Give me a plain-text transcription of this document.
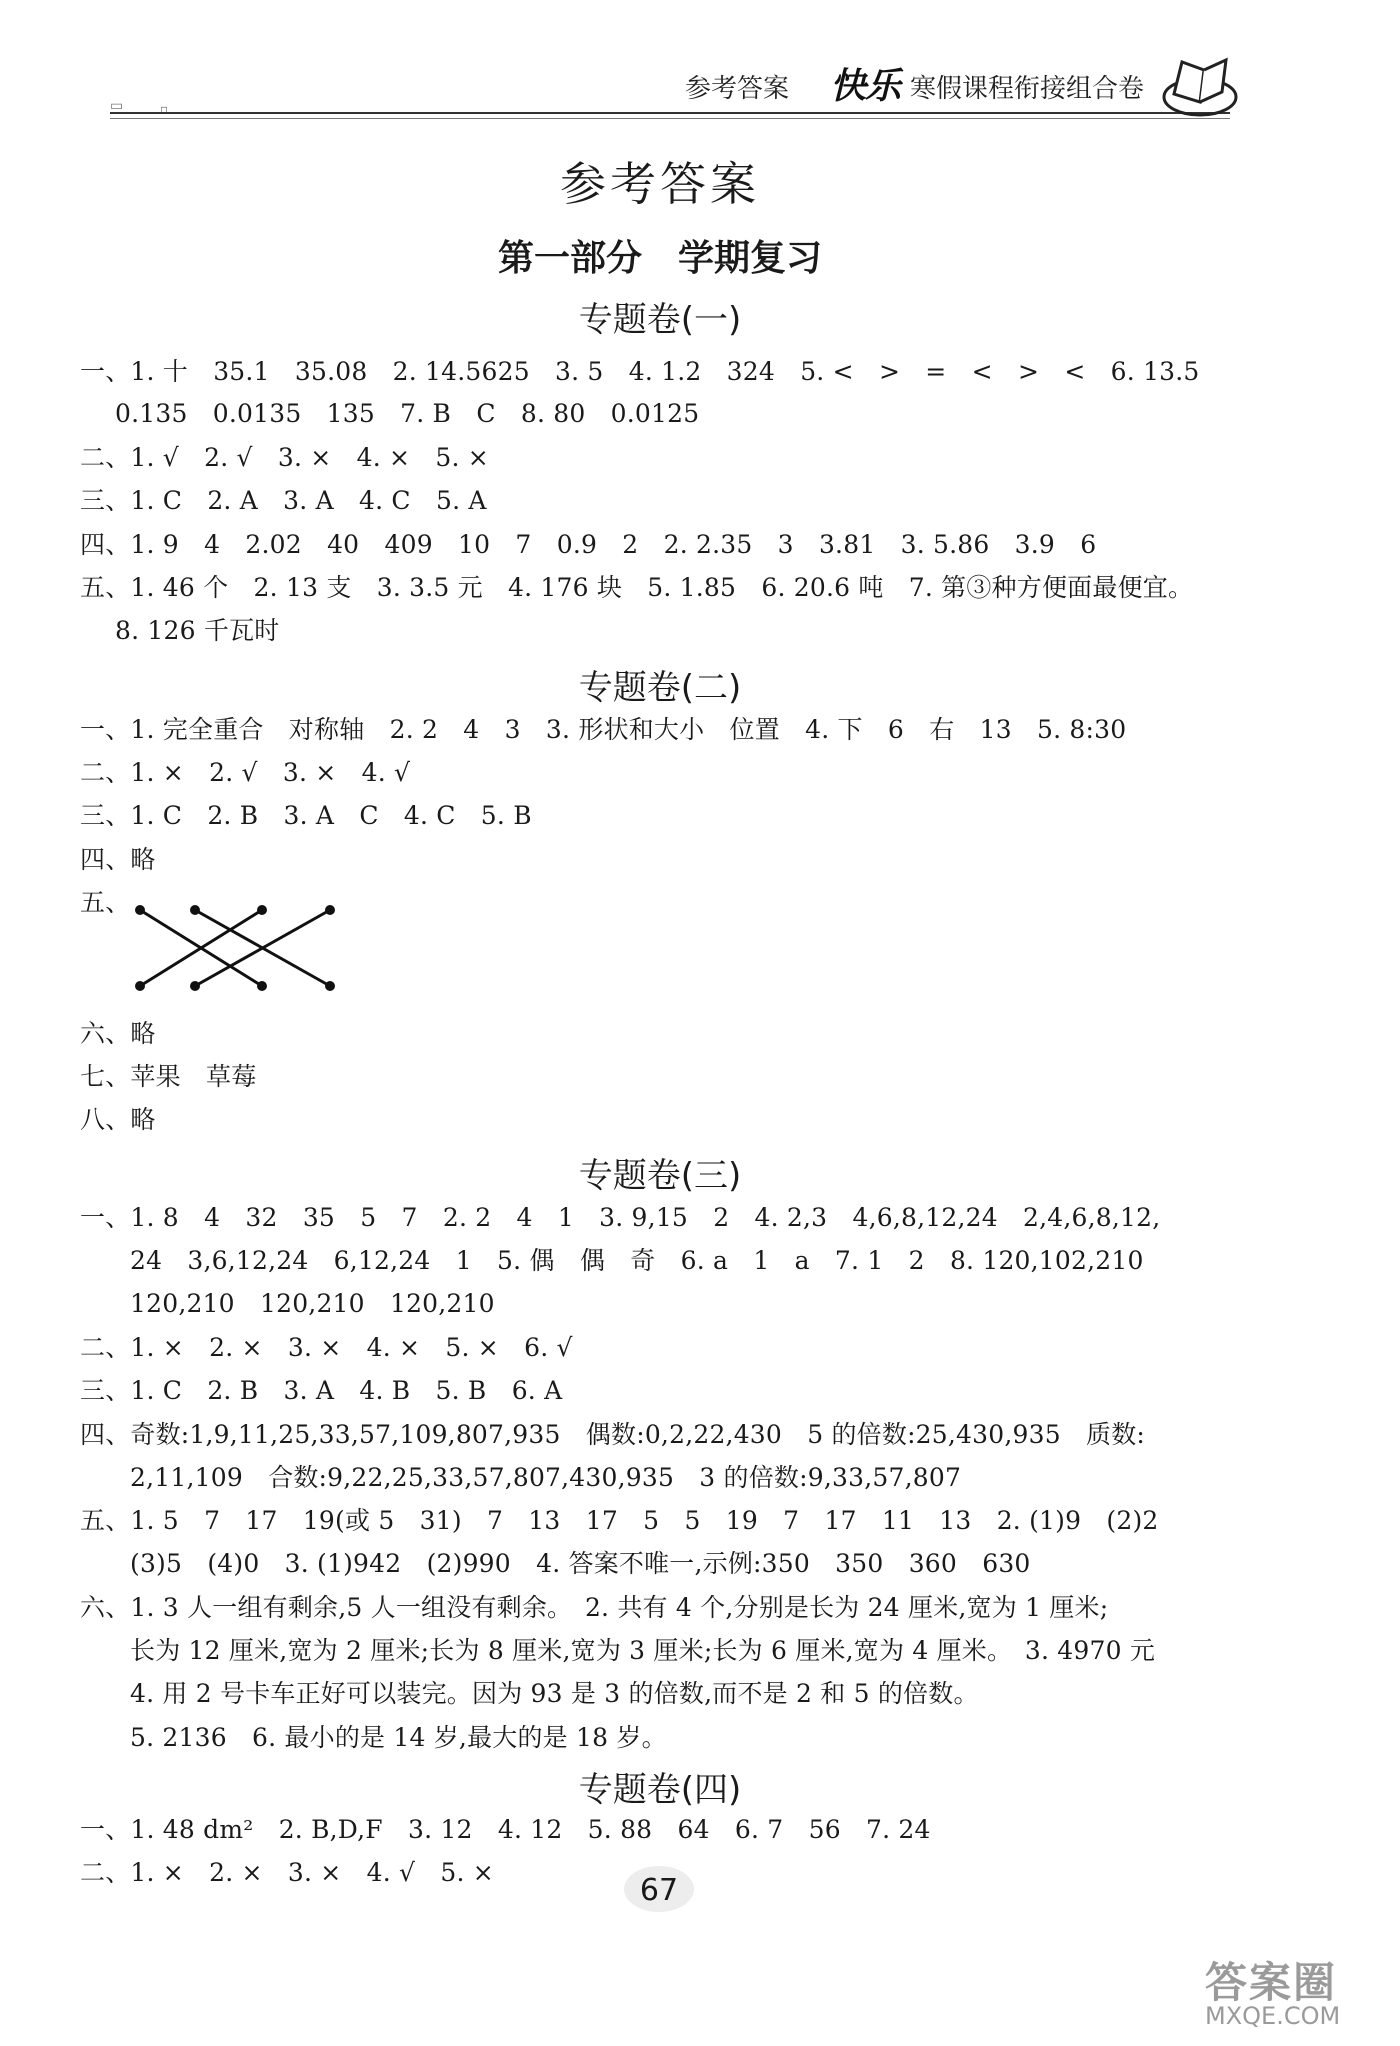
▭	▫
参考答案 快乐 寒假课程衔接组合卷
参考答案
第一部分　学期复习
专题卷(一)
一、1. 十　35.1　35.08　2. 14.5625　3. 5　4. 1.2　324　5. <　>　=　<　>　<　6. 13.5
0.135　0.0135　135　7. B　C　8. 80　0.0125
二、1. √　2. √　3. ×　4. ×　5. ×
三、1. C　2. A　3. A　4. C　5. A
四、1. 9　4　2.02　40　409　10　7　0.9　2　2. 2.35　3　3.81　3. 5.86　3.9　6
五、1. 46 个　2. 13 支　3. 3.5 元　4. 176 块　5. 1.85　6. 20.6 吨　7. 第③种方便面最便宜。
8. 126 千瓦时
专题卷(二)
一、1. 完全重合　对称轴　2. 2　4　3　3. 形状和大小　位置　4. 下　6　右　13　5. 8:30
二、1. ×　2. √　3. ×　4. √
三、1. C　2. B　3. A　C　4. C　5. B
四、略
五、
六、略
七、苹果　草莓
八、略
专题卷(三)
一、1. 8　4　32　35　5　7　2. 2　4　1　3. 9,15　2　4. 2,3　4,6,8,12,24　2,4,6,8,12,
24　3,6,12,24　6,12,24　1　5. 偶　偶　奇　6. a　1　a　7. 1　2　8. 120,102,210
120,210　120,210　120,210
二、1. ×　2. ×　3. ×　4. ×　5. ×　6. √
三、1. C　2. B　3. A　4. B　5. B　6. A
四、奇数:1,9,11,25,33,57,109,807,935　偶数:0,2,22,430　5 的倍数:25,430,935　质数:
2,11,109　合数:9,22,25,33,57,807,430,935　3 的倍数:9,33,57,807
五、1. 5　7　17　19(或 5　31)　7　13　17　5　5　19　7　17　11　13　2. (1)9　(2)2
(3)5　(4)0　3. (1)942　(2)990　4. 答案不唯一,示例:350　350　360　630
六、1. 3 人一组有剩余,5 人一组没有剩余。　2. 共有 4 个,分别是长为 24 厘米,宽为 1 厘米;
长为 12 厘米,宽为 2 厘米;长为 8 厘米,宽为 3 厘米;长为 6 厘米,宽为 4 厘米。　3. 4970 元
4. 用 2 号卡车正好可以装完。因为 93 是 3 的倍数,而不是 2 和 5 的倍数。
5. 2136　6. 最小的是 14 岁,最大的是 18 岁。
专题卷(四)
一、1. 48 dm²　2. B,D,F　3. 12　4. 12　5. 88　64　6. 7　56　7. 24
二、1. ×　2. ×　3. ×　4. √　5. ×
67
答案圈
MXQE.COM
